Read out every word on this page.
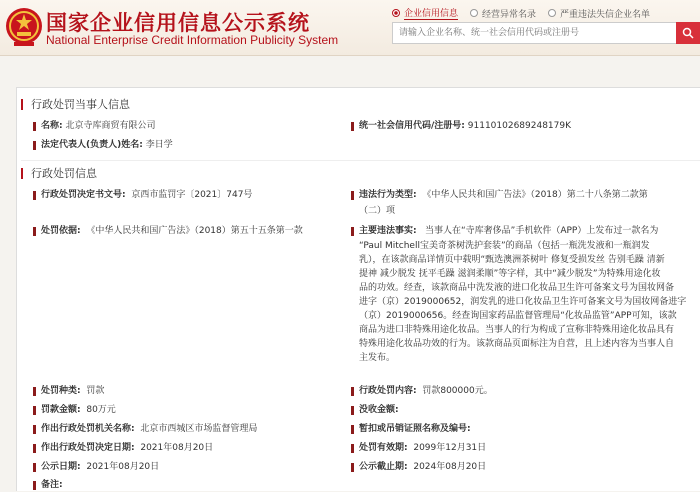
国家企业信用信息公示系统
National Enterprise Credit Information Publicity System
企业信用信息	经营异常名录	严重违法失信企业名单
请输入企业名称、统一社会信用代码或注册号
行政处罚当事人信息
名称: 北京寺库商贸有限公司	统一社会信用代码/注册号: 91110102689248179K
法定代表人(负责人)姓名: 李日学
行政处罚信息
行政处罚决定书文号: 京西市监罚字〔2021〕747号	违法行为类型: 《中华人民共和国广告法》（2018）第二十八条第二款第
（二）项
处罚依据: 《中华人民共和国广告法》（2018）第五十五条第一款	主要违法事实: 当事人在“寺库奢侈品”手机软件（APP）上发布过一款名为
“Paul Mitchell宝美奇茶树洗护套装”的商品（包括一瓶洗发液和一瓶润发
乳），在该款商品详情页中载明“甄选澳洲茶树叶 修复受损发丝 告别毛躁 清新
提神 减少脱发 抚平毛躁 滋润柔顺”等字样，其中“减少脱发”为特殊用途化妆
品的功效。经查，该款商品中洗发液的进口化妆品卫生许可备案文号为国妆网备
进字（京）2019000652，润发乳的进口化妆品卫生许可备案文号为国妆网备进字
（京）2019000656。经查询国家药品监督管理局“化妆品监管”APP可知，该款
商品为进口非特殊用途化妆品。当事人的行为构成了宣称非特殊用途化妆品具有
特殊用途化妆品功效的行为。该款商品页面标注为自营，且上述内容为当事人自
主发布。
处罚种类: 罚款	行政处罚内容: 罚款800000元。
罚款金额: 80万元	没收金额:
作出行政处罚机关名称: 北京市西城区市场监督管理局	暂扣或吊销证照名称及编号:
作出行政处罚决定日期: 2021年08月20日	处罚有效期: 2099年12月31日
公示日期: 2021年08月20日	公示截止期: 2024年08月20日
备注:
